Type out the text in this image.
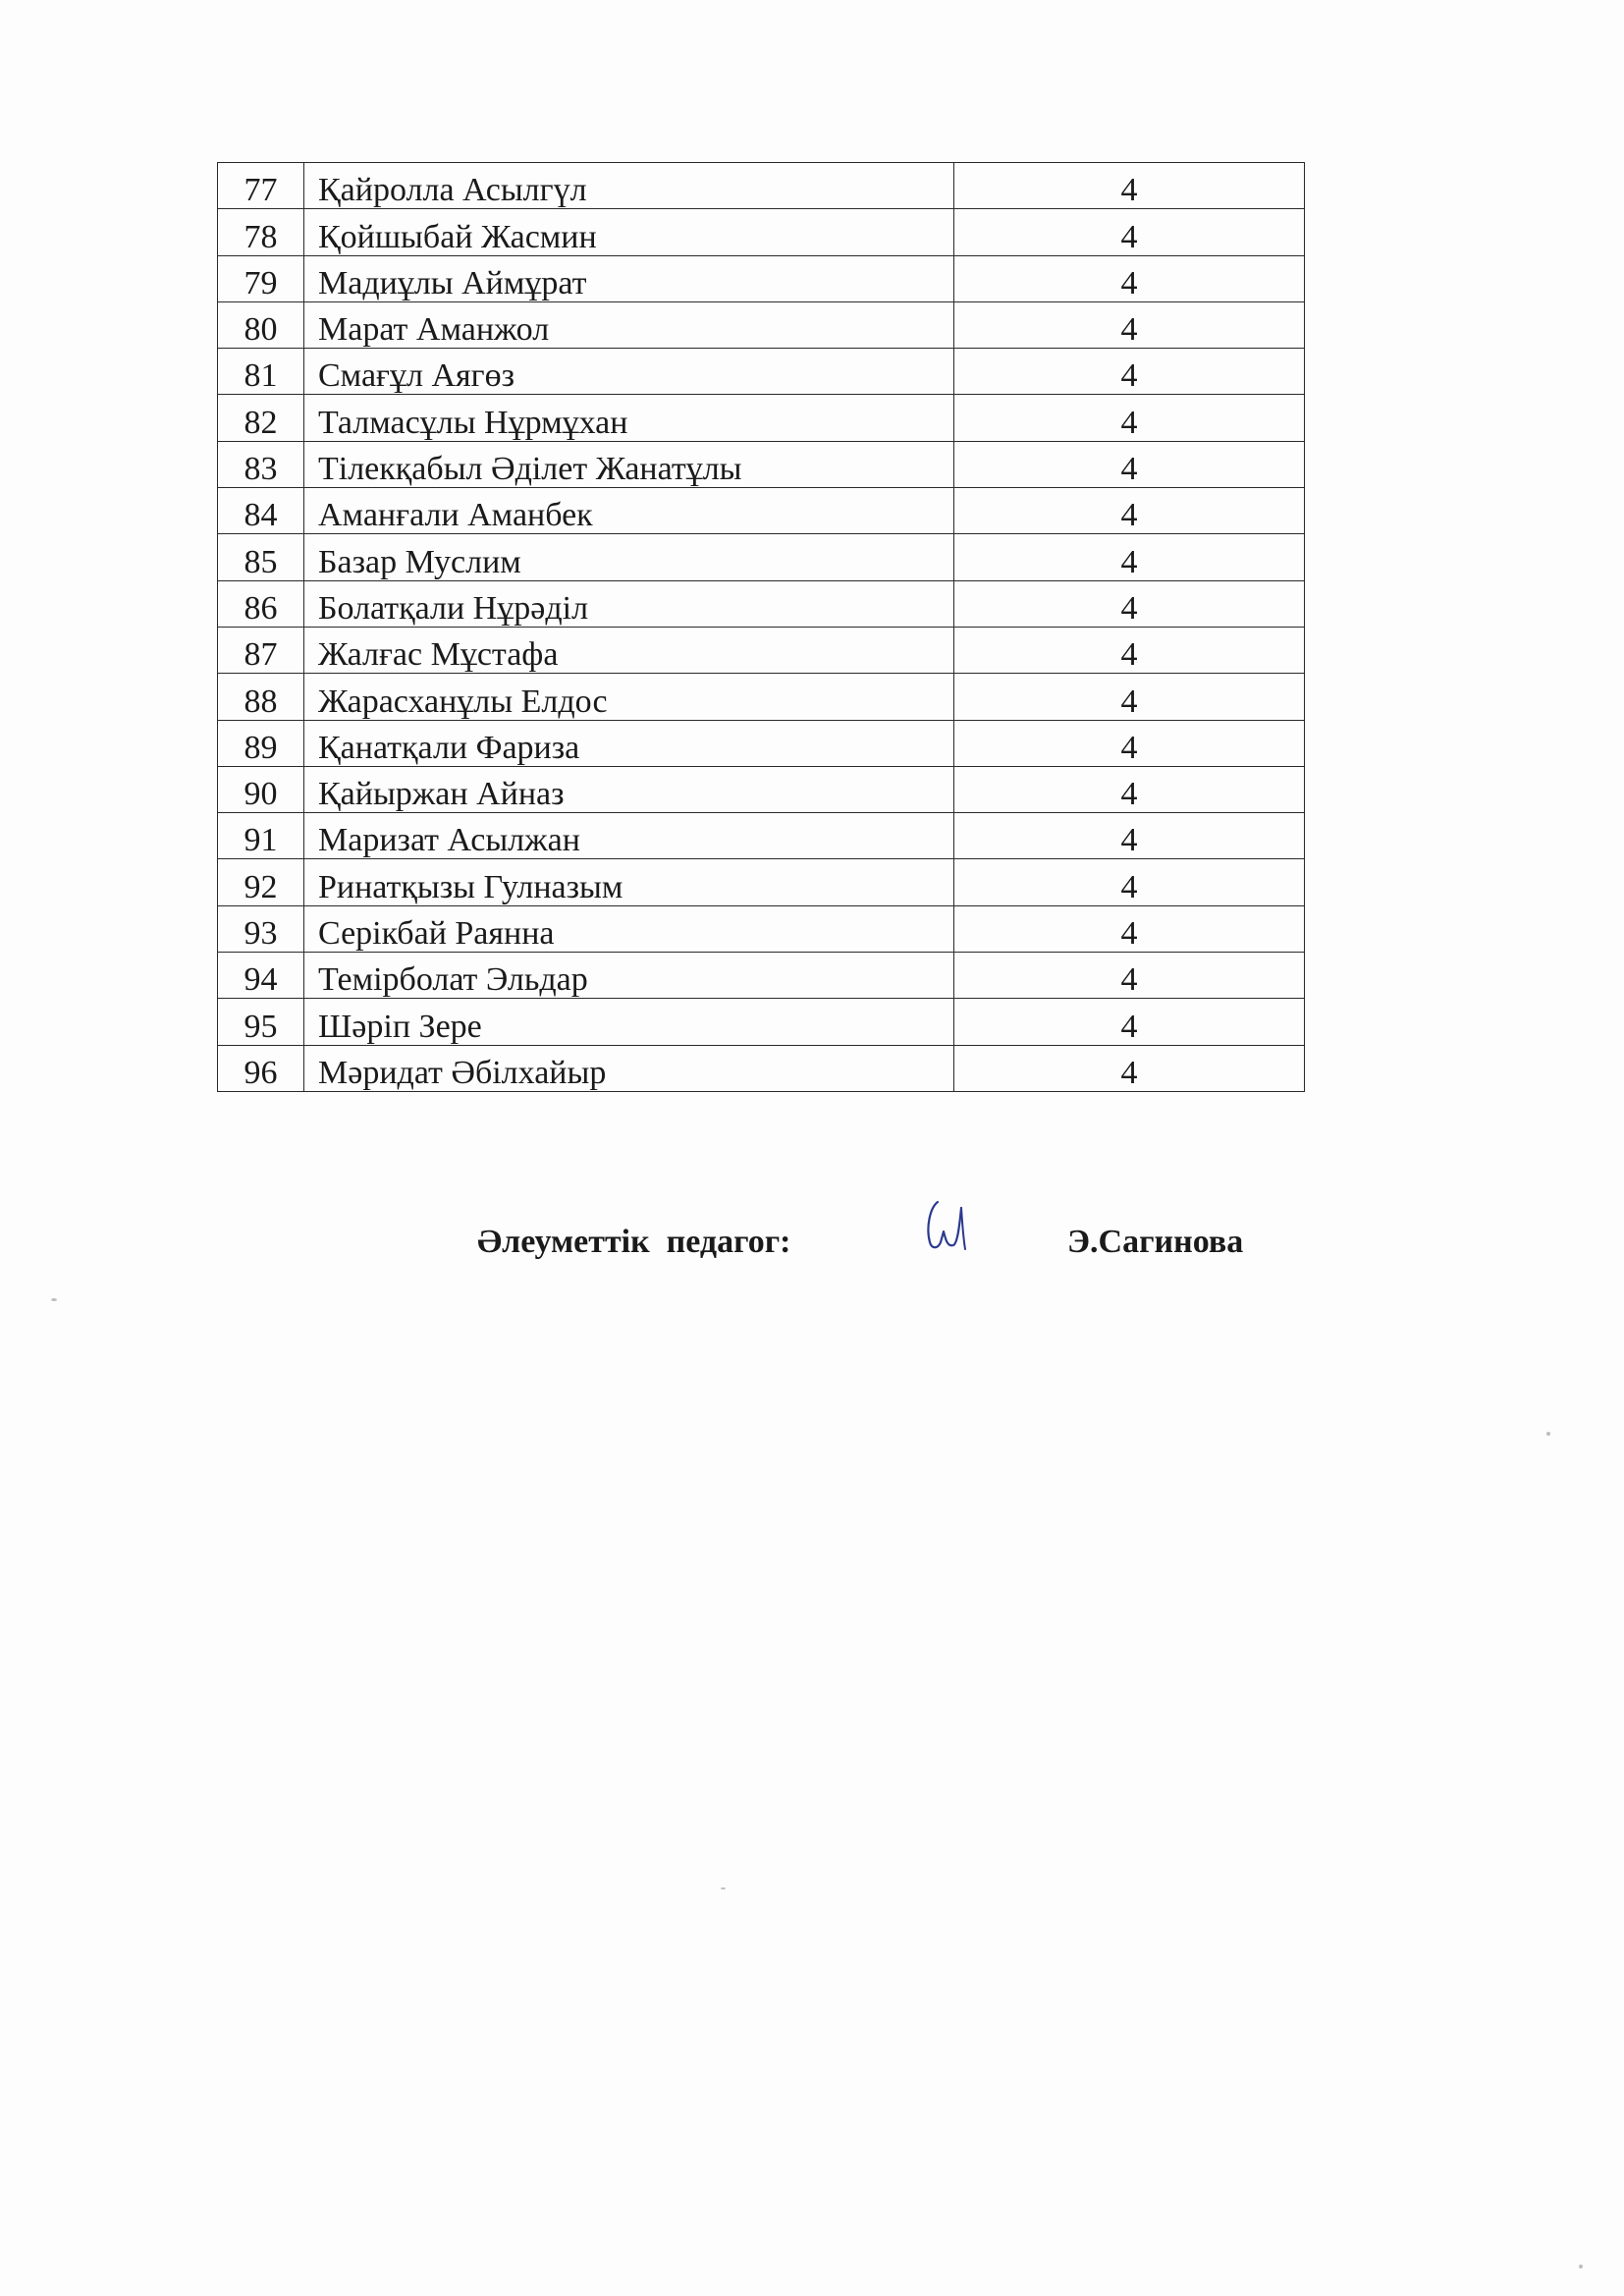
77	Қайролла Асылгүл	4
78	Қойшыбай Жасмин	4
79	Мадиұлы Аймұрат	4
80	Марат Аманжол	4
81	Смағұл Аягөз	4
82	Талмасұлы Нұрмұхан	4
83	Тілекқабыл Әділет Жанатұлы	4
84	Аманғали Аманбек	4
85	Базар Муслим	4
86	Болатқали Нұрәділ	4
87	Жалғас Мұстафа	4
88	Жарасханұлы Елдос	4
89	Қанатқали Фариза	4
90	Қайыржан Айназ	4
91	Маризат Асылжан	4
92	Ринатқызы Гулназым	4
93	Серікбай Раянна	4
94	Темірболат Эльдар	4
95	Шәріп Зере	4
96	Мәридат Әбілхайыр	4
Әлеуметтік  педагог:	Э.Сагинова
